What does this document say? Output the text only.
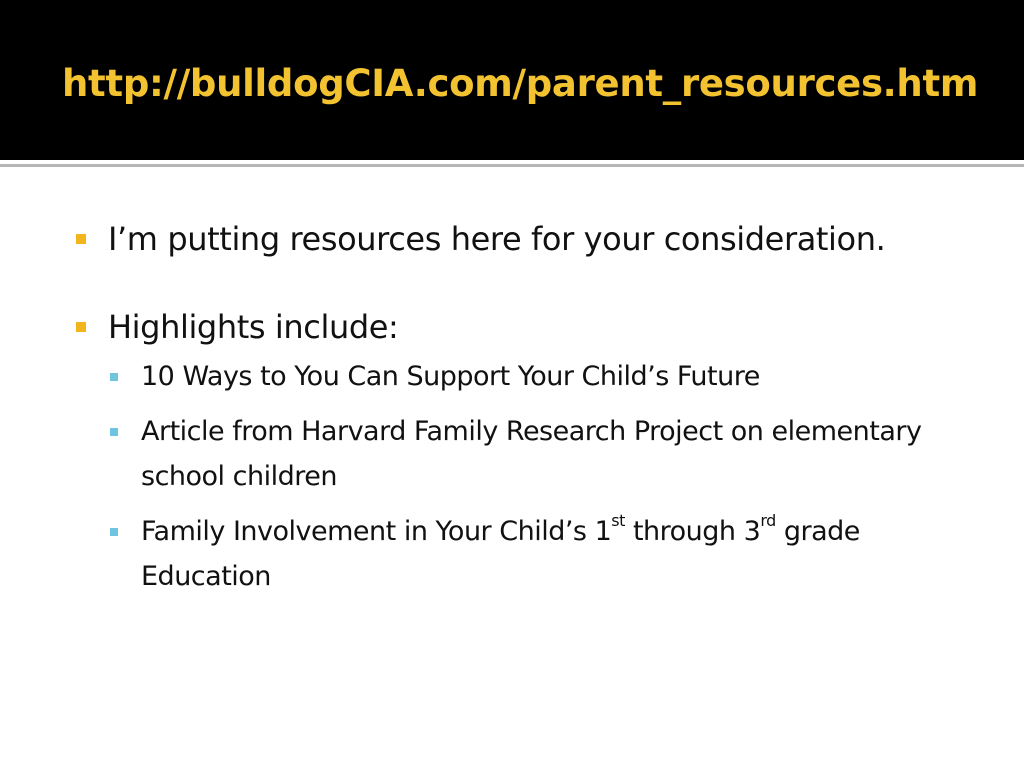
http://bulldogCIA.com/parent_resources.htm
I’m putting resources here for your consideration.
Highlights include:
10 Ways to You Can Support Your Child’s Future
Article from Harvard Family Research Project on elementary school children
Family Involvement in Your Child’s 1st through 3rd grade Education
